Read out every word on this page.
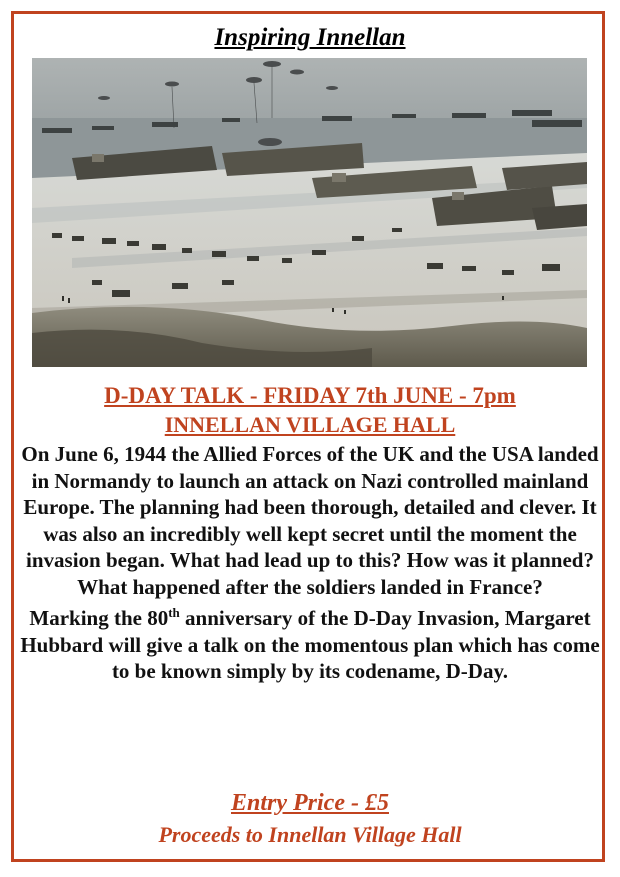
Inspiring Innellan
D-DAY TALK - FRIDAY 7th JUNE - 7pm
INNELLAN VILLAGE HALL

On June 6, 1944 the Allied Forces of the UK and the USA landed in Normandy to launch an attack on Nazi controlled mainland Europe. The planning had been thorough, detailed and clever. It was also an incredibly well kept secret until the moment the invasion began. What had lead up to this? How was it planned? What happened after the soldiers landed in France?

Marking the 80th anniversary of the D-Day Invasion, Margaret Hubbard will give a talk on the momentous plan which has come to be known simply by its codename, D-Day.

Entry Price - £5
Proceeds to Innellan Village Hall
